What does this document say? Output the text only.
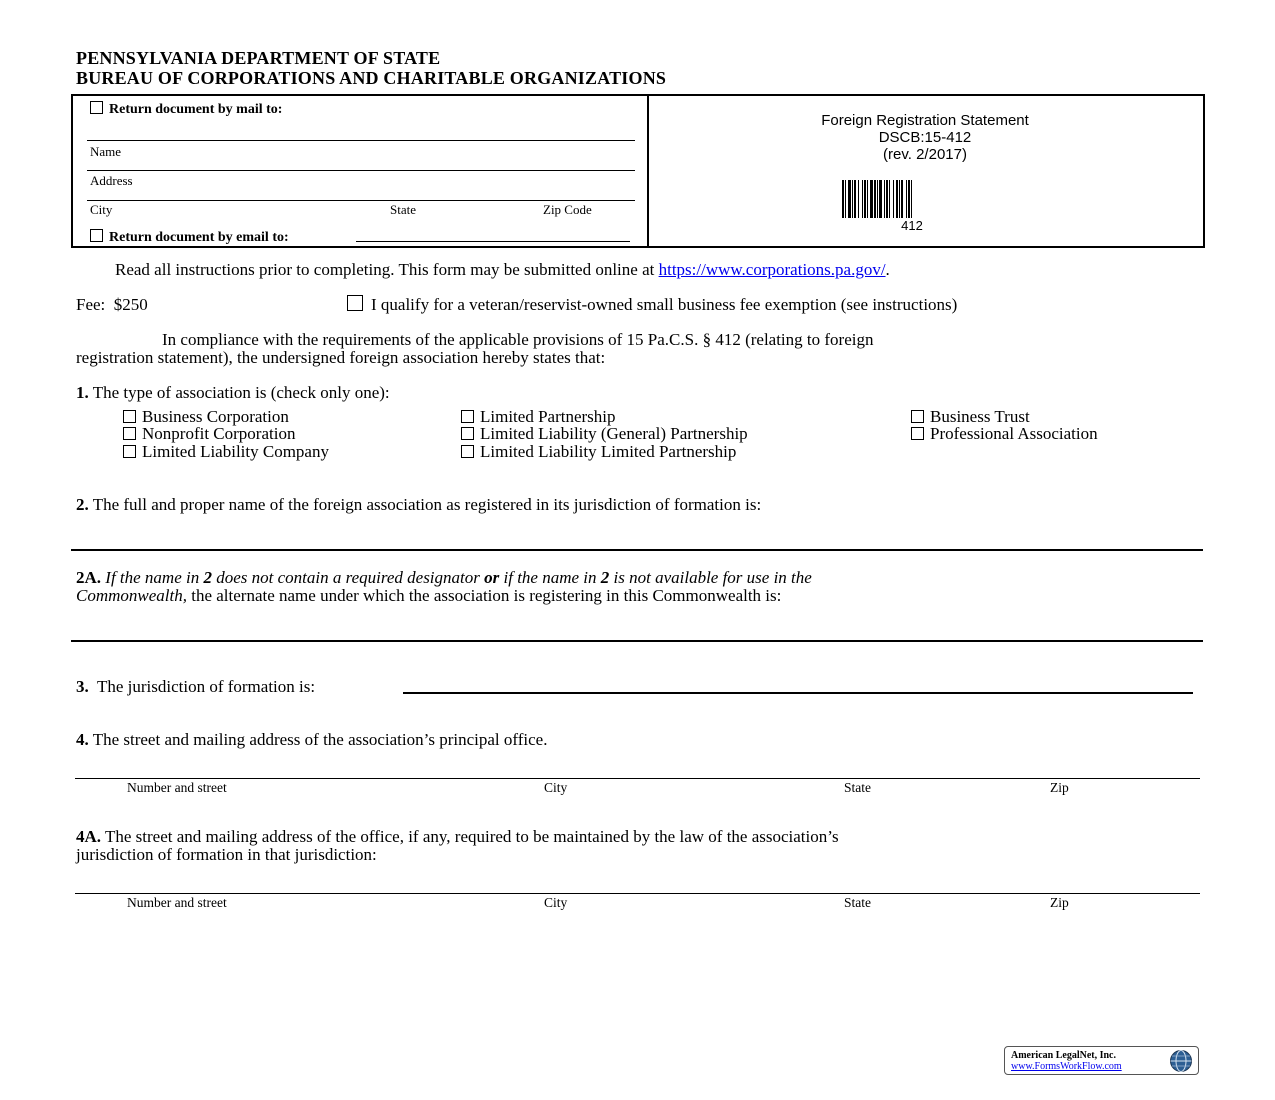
PENNSYLVANIA DEPARTMENT OF STATE
BUREAU OF CORPORATIONS AND CHARITABLE ORGANIZATIONS
Return document by mail to:
Name
Address
City	State	Zip Code
Return document by email to:
Foreign Registration Statement
DSCB:15-412
(rev. 2/2017)
412
Read all instructions prior to completing. This form may be submitted online at https://www.corporations.pa.gov/.
Fee:  $250	I qualify for a veteran/reservist-owned small business fee exemption (see instructions)
In compliance with the requirements of the applicable provisions of 15 Pa.C.S. § 412 (relating to foreign
registration statement), the undersigned foreign association hereby states that:
1. The type of association is (check only one):
Business Corporation
Nonprofit Corporation
Limited Liability Company
Limited Partnership
Limited Liability (General) Partnership
Limited Liability Limited Partnership
Business Trust
Professional Association
2. The full and proper name of the foreign association as registered in its jurisdiction of formation is:
2A. If the name in 2 does not contain a required designator or if the name in 2 is not available for use in the
Commonwealth, the alternate name under which the association is registering in this Commonwealth is:
3. The jurisdiction of formation is:
4. The street and mailing address of the association’s principal office.
Number and street	City	State	Zip
4A. The street and mailing address of the office, if any, required to be maintained by the law of the association’s
jurisdiction of formation in that jurisdiction:
Number and street	City	State	Zip
American LegalNet, Inc.
www.FormsWorkFlow.com
